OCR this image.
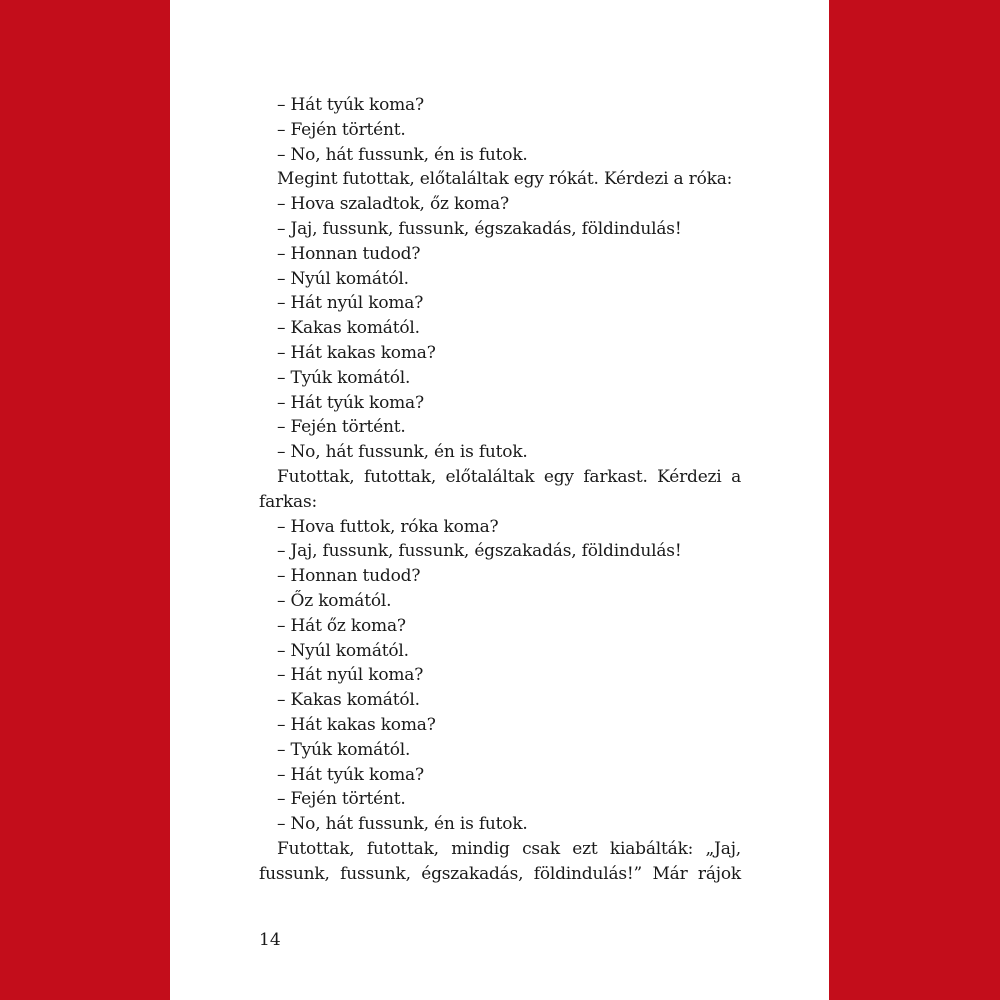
– Hát tyúk koma?
– Fején történt.
– No, hát fussunk, én is futok.
Megint futottak, előtaláltak egy rókát. Kérdezi a róka:
– Hova szaladtok, őz koma?
– Jaj, fussunk, fussunk, égszakadás, földindulás!
– Honnan tudod?
– Nyúl komától.
– Hát nyúl koma?
– Kakas komától.
– Hát kakas koma?
– Tyúk komától.
– Hát tyúk koma?
– Fején történt.
– No, hát fussunk, én is futok.
Futottak, futottak, előtaláltak egy farkast. Kérdezi a
farkas:
– Hova futtok, róka koma?
– Jaj, fussunk, fussunk, égszakadás, földindulás!
– Honnan tudod?
– Őz komától.
– Hát őz koma?
– Nyúl komától.
– Hát nyúl koma?
– Kakas komától.
– Hát kakas koma?
– Tyúk komától.
– Hát tyúk koma?
– Fején történt.
– No, hát fussunk, én is futok.
Futottak, futottak, mindig csak ezt kiabálták: „Jaj,
fussunk, fussunk, égszakadás, földindulás!” Már rájok
14
